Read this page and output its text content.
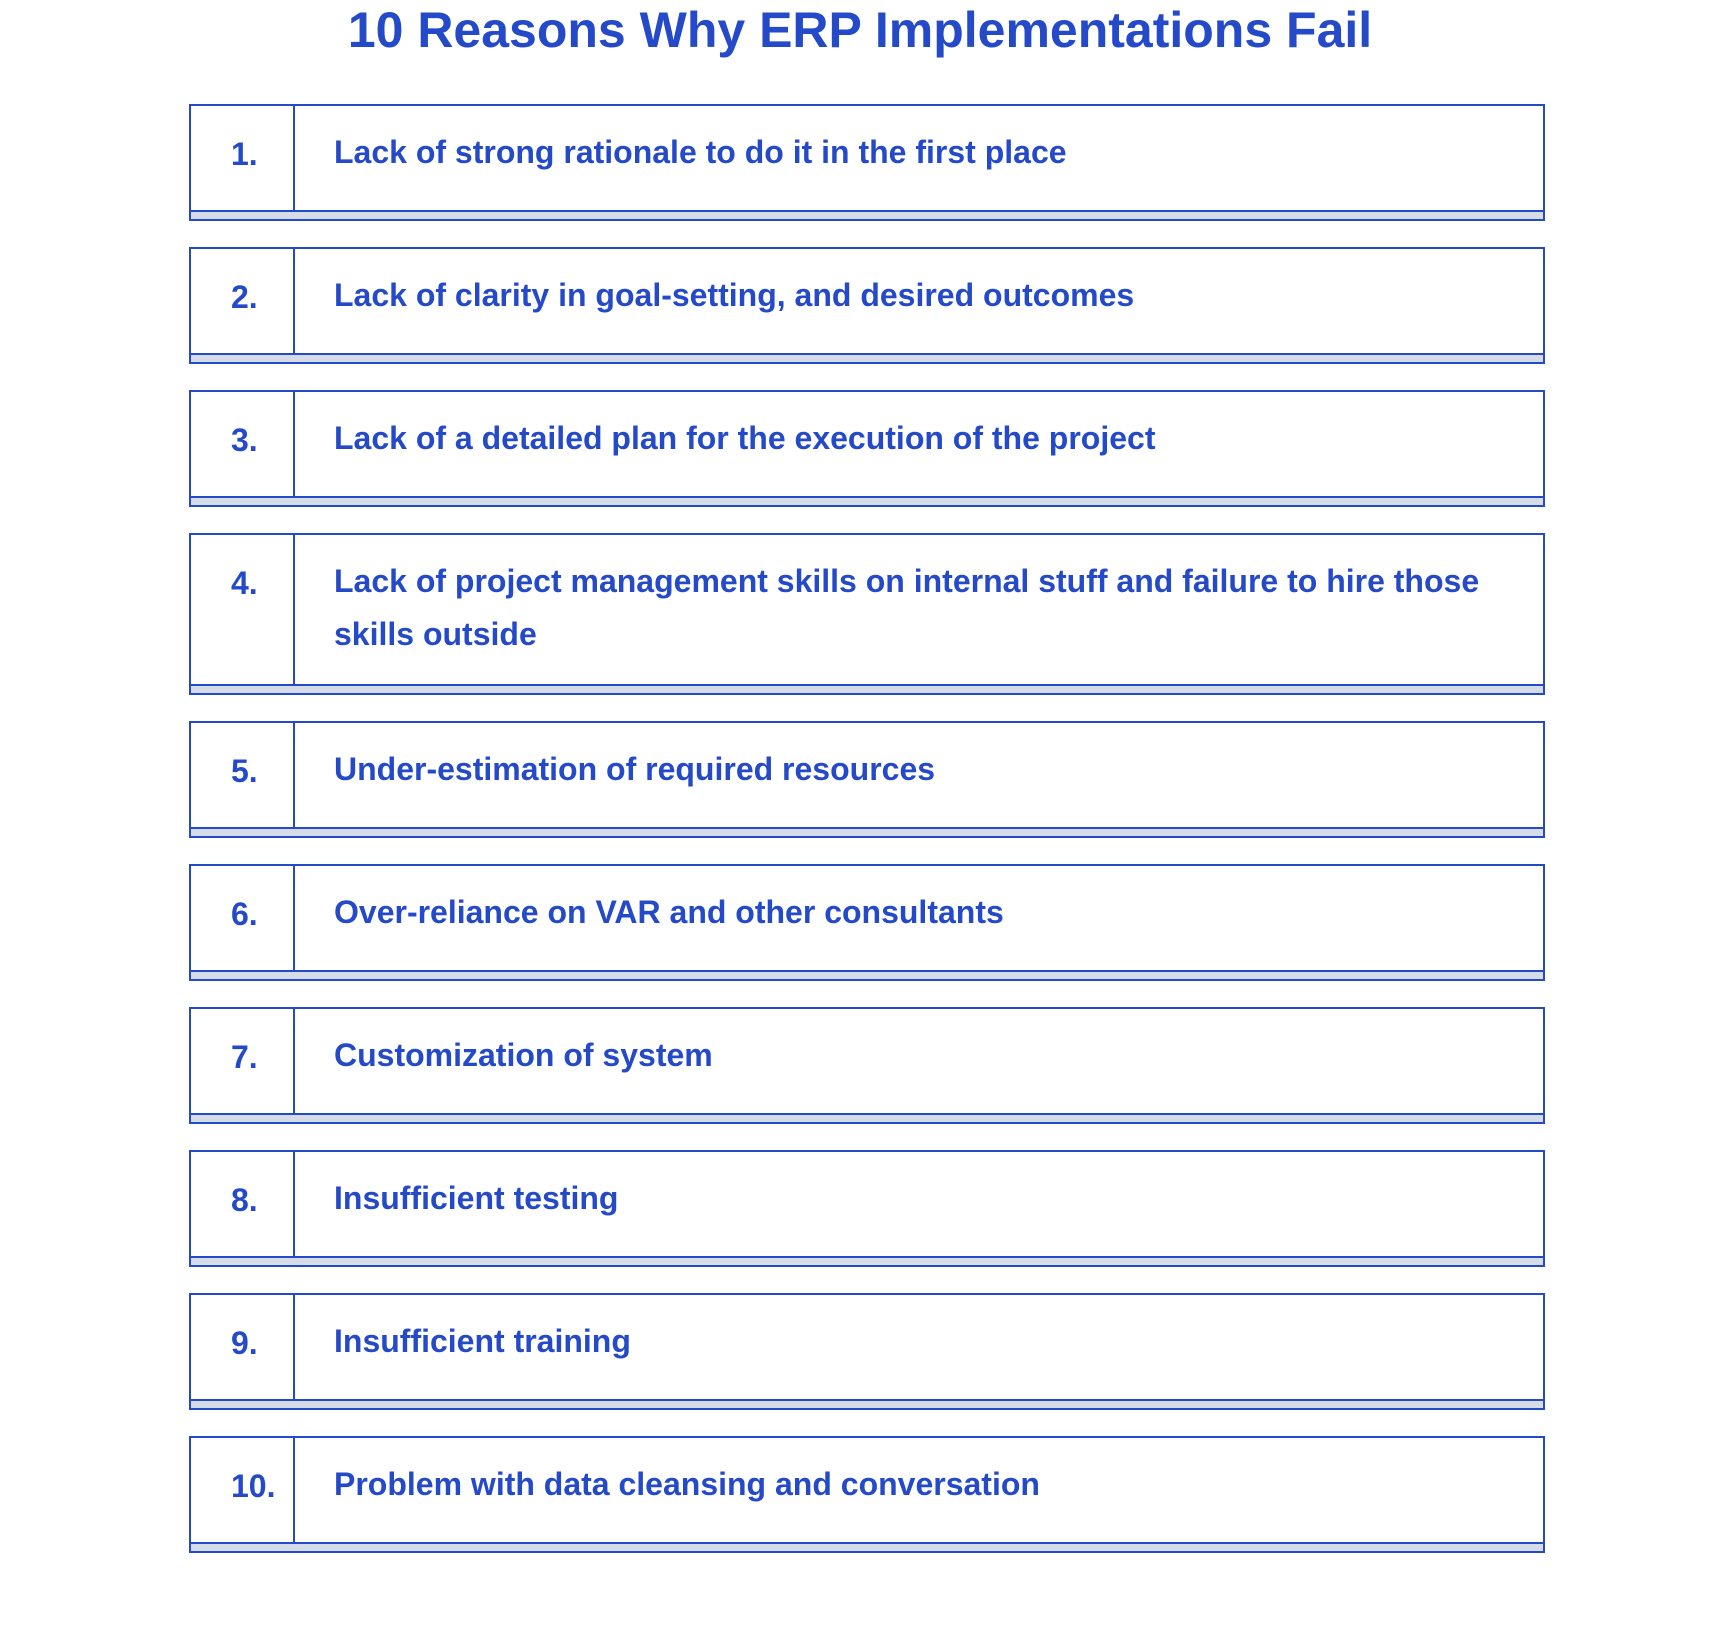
10 Reasons Why ERP Implementations Fail
1.	Lack of strong rationale to do it in the first place
2.	Lack of clarity in goal-setting, and desired outcomes
3.	Lack of a detailed plan for the execution of the project
4.	Lack of project management skills on internal stuff and failure to hire those skills outside
5.	Under-estimation of required resources
6.	Over-reliance on VAR and other consultants
7.	Customization of system
8.	Insufficient testing
9.	Insufficient training
10.	Problem with data cleansing and conversation
